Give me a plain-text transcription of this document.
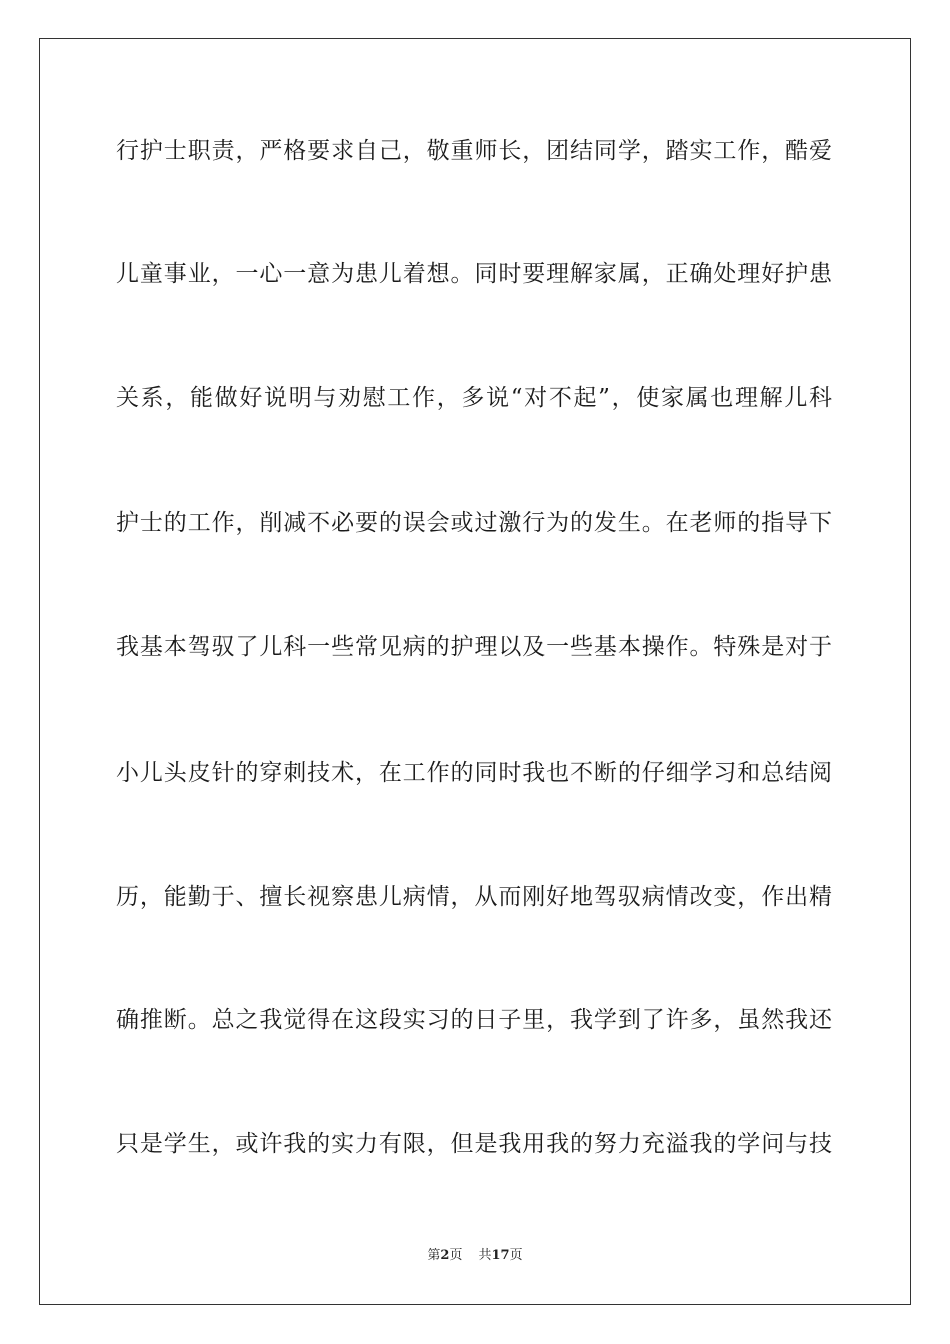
行护士职责，严格要求自己，敬重师长，团结同学，踏实工作，酷爱
儿童事业，一心一意为患儿着想。同时要理解家属，正确处理好护患
关系，能做好说明与劝慰工作，多说“对不起”，使家属也理解儿科
护士的工作，削减不必要的误会或过激行为的发生。在老师的指导下
我基本驾驭了儿科一些常见病的护理以及一些基本操作。特殊是对于
小儿头皮针的穿刺技术，在工作的同时我也不断的仔细学习和总结阅
历，能勤于、擅长视察患儿病情，从而刚好地驾驭病情改变，作出精
确推断。总之我觉得在这段实习的日子里，我学到了许多，虽然我还
只是学生，或许我的实力有限，但是我用我的努力充溢我的学问与技
第2页 共17页
